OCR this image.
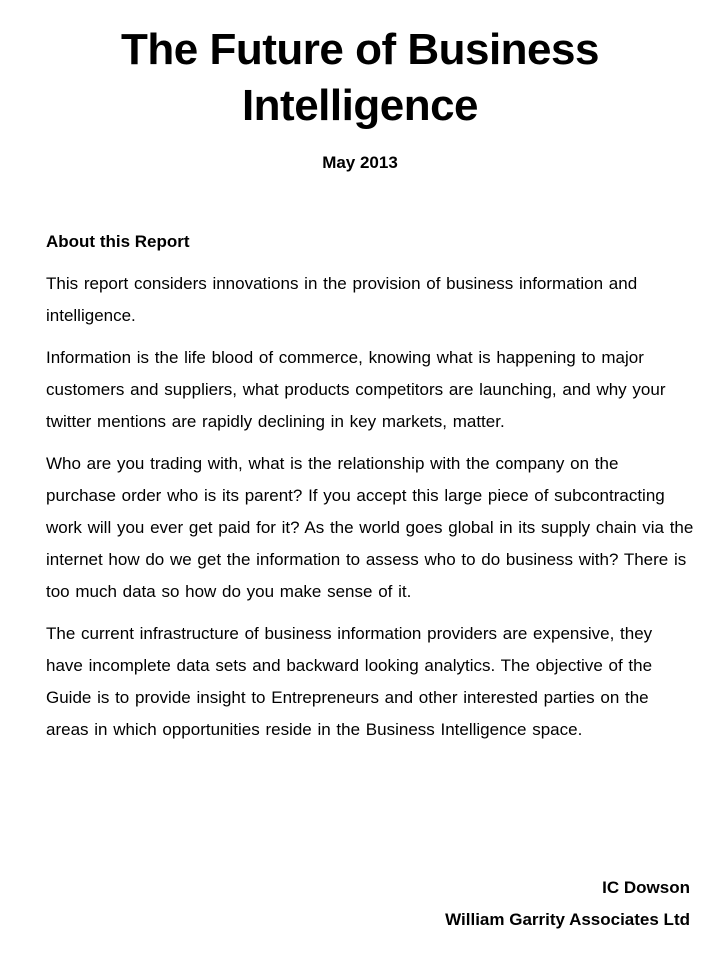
The Future of Business Intelligence
May 2013
About this Report

This report considers innovations in the provision of business information and intelligence.

Information is the life blood of commerce, knowing what is happening to major customers and suppliers, what products competitors are launching, and why your twitter mentions are rapidly declining in key markets, matter.

Who are you trading with, what is the relationship with the company on the purchase order who is its parent? If you accept this large piece of subcontracting work will you ever get paid for it? As the world goes global in its supply chain via the internet how do we get the information to assess who to do business with? There is too much data so how do you make sense of it.

The current infrastructure of business information providers are expensive, they have incomplete data sets and backward looking analytics. The objective of the Guide is to provide insight to Entrepreneurs and other interested parties on the areas in which opportunities reside in the Business Intelligence space.

IC Dowson

William Garrity Associates Ltd
